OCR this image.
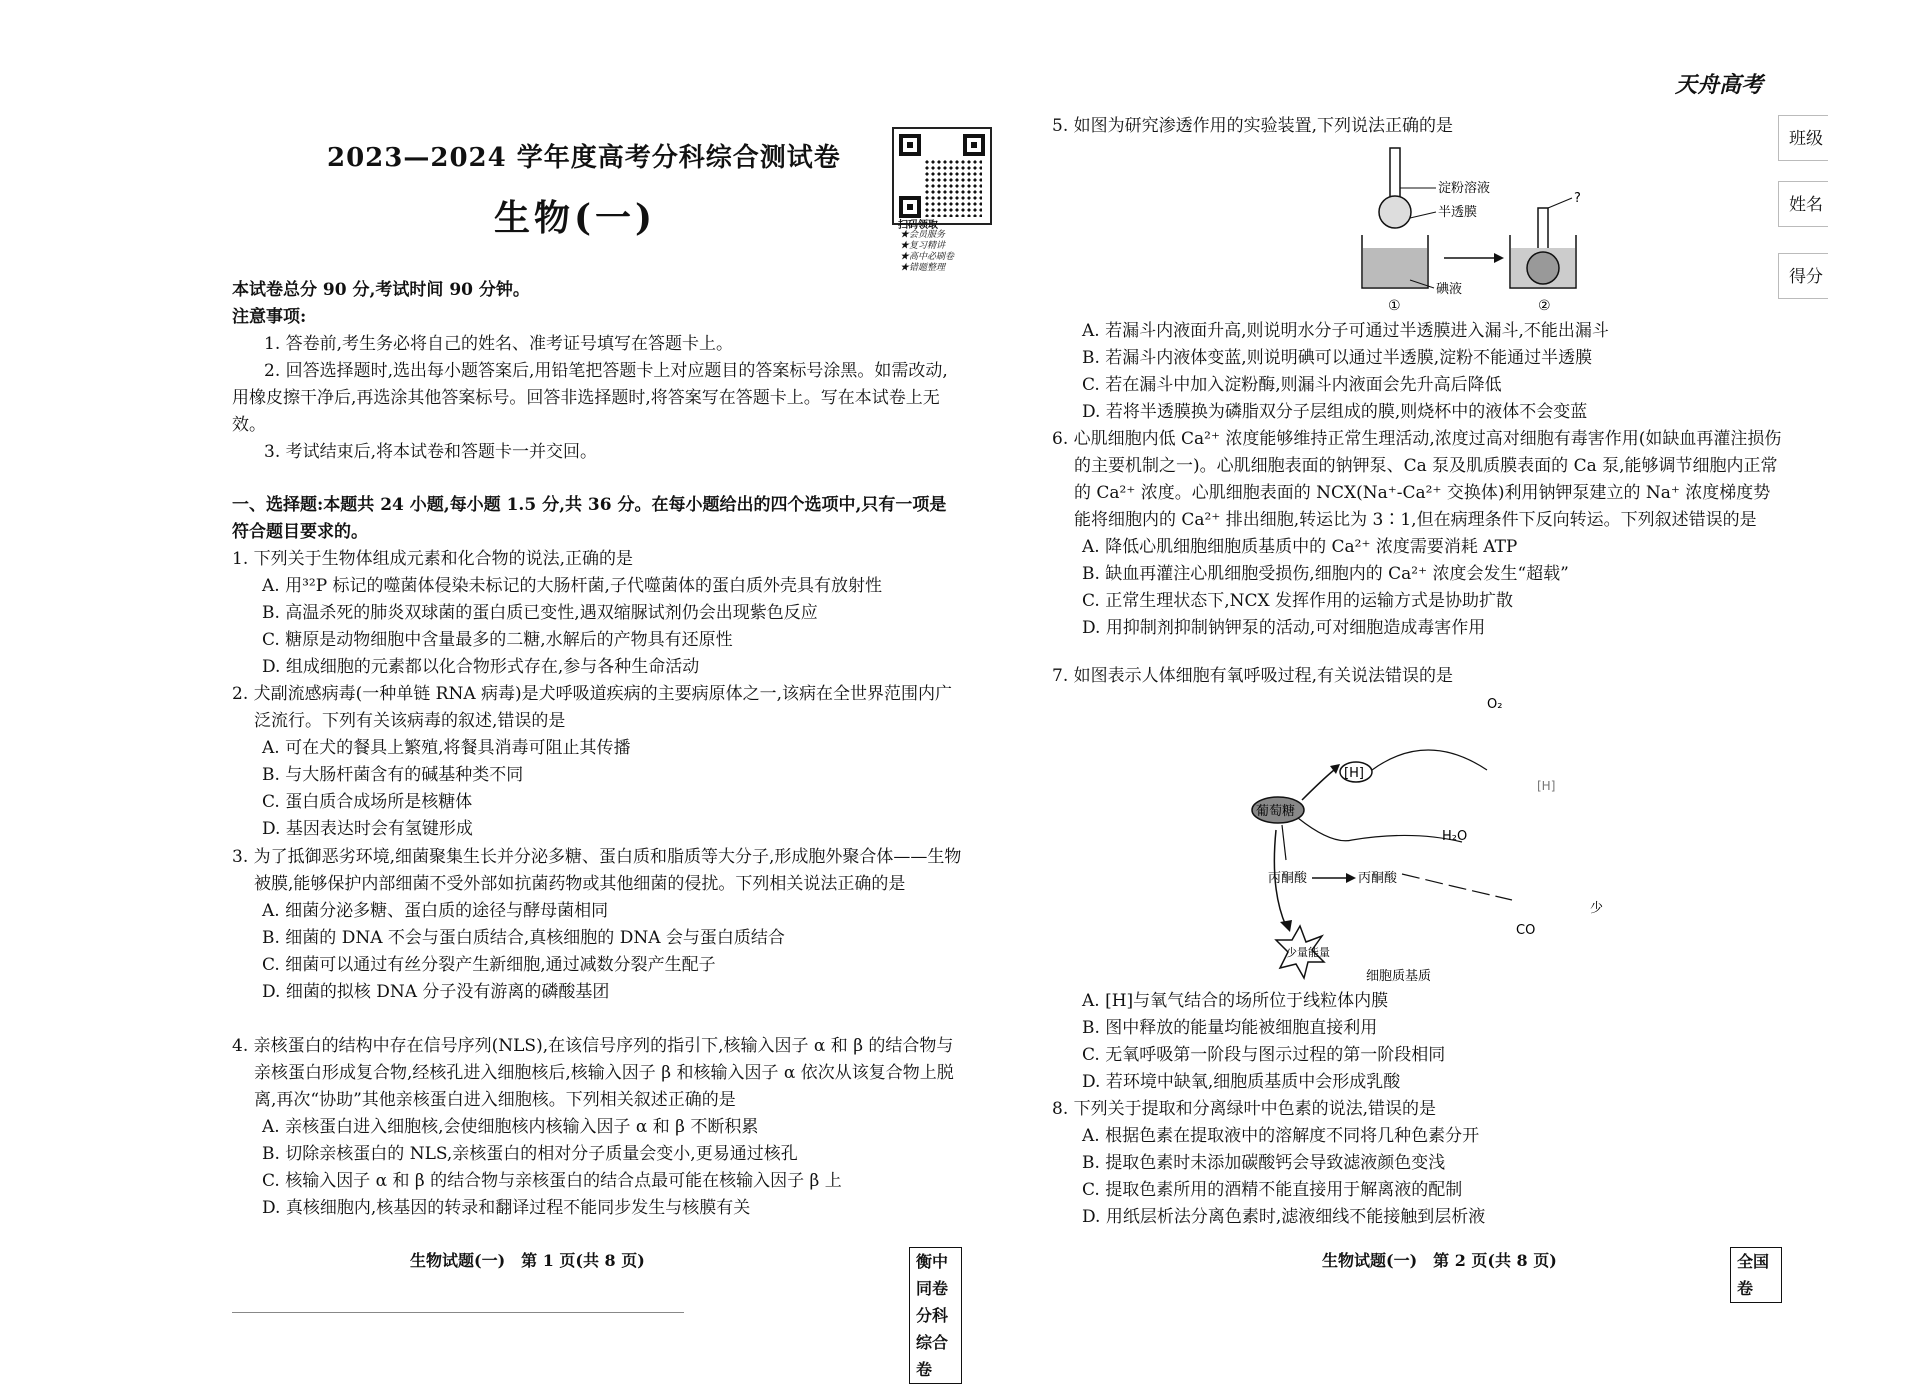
2023—2024 学年度高考分科综合测试卷
生物(一)	扫码领取
★会员服务
★复习精讲
★高中必刷卷
★错题整理
本试卷总分 90 分,考试时间 90 分钟。
注意事项:
1. 答卷前,考生务必将自己的姓名、准考证号填写在答题卡上。
2. 回答选择题时,选出每小题答案后,用铅笔把答题卡上对应题目的答案标号涂黑。如需改动,用橡皮擦干净后,再选涂其他答案标号。回答非选择题时,将答案写在答题卡上。写在本试卷上无效。
3. 考试结束后,将本试卷和答题卡一并交回。
一、选择题:本题共 24 小题,每小题 1.5 分,共 36 分。在每小题给出的四个选项中,只有一项是符合题目要求的。
1. 下列关于生物体组成元素和化合物的说法,正确的是
A. 用³²P 标记的噬菌体侵染未标记的大肠杆菌,子代噬菌体的蛋白质外壳具有放射性
B. 高温杀死的肺炎双球菌的蛋白质已变性,遇双缩脲试剂仍会出现紫色反应
C. 糖原是动物细胞中含量最多的二糖,水解后的产物具有还原性
D. 组成细胞的元素都以化合物形式存在,参与各种生命活动
2. 犬副流感病毒(一种单链 RNA 病毒)是犬呼吸道疾病的主要病原体之一,该病在全世界范围内广泛流行。下列有关该病毒的叙述,错误的是
A. 可在犬的餐具上繁殖,将餐具消毒可阻止其传播
B. 与大肠杆菌含有的碱基种类不同
C. 蛋白质合成场所是核糖体
D. 基因表达时会有氢键形成
3. 为了抵御恶劣环境,细菌聚集生长并分泌多糖、蛋白质和脂质等大分子,形成胞外聚合体——生物被膜,能够保护内部细菌不受外部如抗菌药物或其他细菌的侵扰。下列相关说法正确的是
A. 细菌分泌多糖、蛋白质的途径与酵母菌相同
B. 细菌的 DNA 不会与蛋白质结合,真核细胞的 DNA 会与蛋白质结合
C. 细菌可以通过有丝分裂产生新细胞,通过减数分裂产生配子
D. 细菌的拟核 DNA 分子没有游离的磷酸基团
4. 亲核蛋白的结构中存在信号序列(NLS),在该信号序列的指引下,核输入因子 α 和 β 的结合物与亲核蛋白形成复合物,经核孔进入细胞核后,核输入因子 β 和核输入因子 α 依次从该复合物上脱离,再次“协助”其他亲核蛋白进入细胞核。下列相关叙述正确的是
A. 亲核蛋白进入细胞核,会使细胞核内核输入因子 α 和 β 不断积累
B. 切除亲核蛋白的 NLS,亲核蛋白的相对分子质量会变小,更易通过核孔
C. 核输入因子 α 和 β 的结合物与亲核蛋白的结合点最可能在核输入因子 β 上
D. 真核细胞内,核基因的转录和翻译过程不能同步发生与核膜有关
生物试题(一)　第 1 页(共 8 页)	衡中同卷　分科综合卷
天舟高考
班级
姓名
得分
5. 如图为研究渗透作用的实验装置,下列说法正确的是
淀粉溶液
半透膜
碘液
①
?
②
A. 若漏斗内液面升高,则说明水分子可通过半透膜进入漏斗,不能出漏斗
B. 若漏斗内液体变蓝,则说明碘可以通过半透膜,淀粉不能通过半透膜
C. 若在漏斗中加入淀粉酶,则漏斗内液面会先升高后降低
D. 若将半透膜换为磷脂双分子层组成的膜,则烧杯中的液体不会变蓝
6. 心肌细胞内低 Ca²⁺ 浓度能够维持正常生理活动,浓度过高对细胞有毒害作用(如缺血再灌注损伤的主要机制之一)。心肌细胞表面的钠钾泵、Ca 泵及肌质膜表面的 Ca 泵,能够调节细胞内正常的 Ca²⁺ 浓度。心肌细胞表面的 NCX(Na⁺-Ca²⁺ 交换体)利用钠钾泵建立的 Na⁺ 浓度梯度势能将细胞内的 Ca²⁺ 排出细胞,转运比为 3∶1,但在病理条件下反向转运。下列叙述错误的是
A. 降低心肌细胞细胞质基质中的 Ca²⁺ 浓度需要消耗 ATP
B. 缺血再灌注心肌细胞受损伤,细胞内的 Ca²⁺ 浓度会发生“超载”
C. 正常生理状态下,NCX 发挥作用的运输方式是协助扩散
D. 用抑制剂抑制钠钾泵的活动,可对细胞造成毒害作用
7. 如图表示人体细胞有氧呼吸过程,有关说法错误的是
O₂
葡萄糖
[H]
[H]
H₂O
丙酮酸	丙酮酸
少
CO
少量能量
细胞质基质
A. [H]与氧气结合的场所位于线粒体内膜
B. 图中释放的能量均能被细胞直接利用
C. 无氧呼吸第一阶段与图示过程的第一阶段相同
D. 若环境中缺氧,细胞质基质中会形成乳酸
8. 下列关于提取和分离绿叶中色素的说法,错误的是
A. 根据色素在提取液中的溶解度不同将几种色素分开
B. 提取色素时未添加碳酸钙会导致滤液颜色变浅
C. 提取色素所用的酒精不能直接用于解离液的配制
D. 用纸层析法分离色素时,滤液细线不能接触到层析液
生物试题(一)　第 2 页(共 8 页)	全国卷
